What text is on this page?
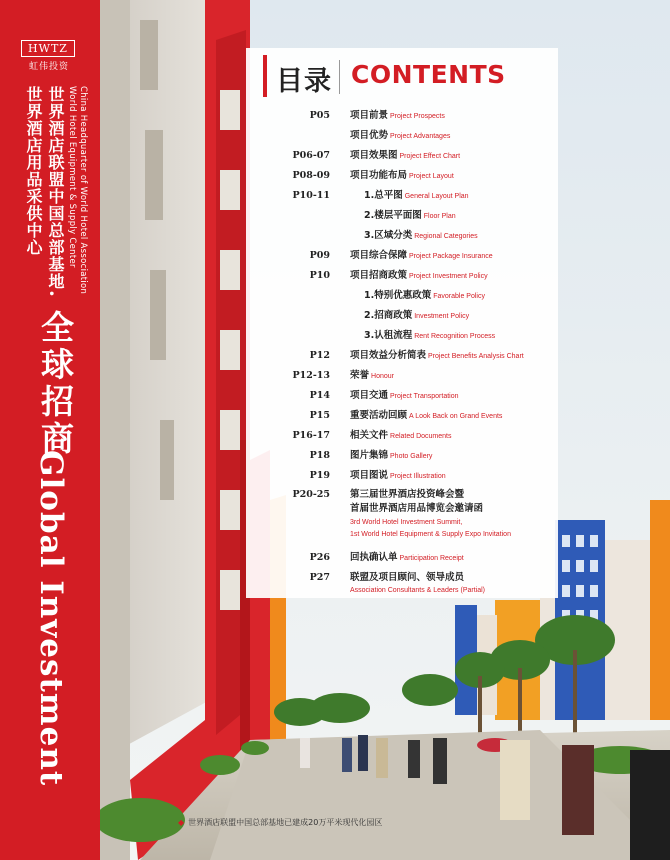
HWTZ
虹伟投资
China Headquarter of World Hotel Association
World Hotel Equipment & Supply Center
世界酒店联盟中国总部基地
世界酒店用品采供中心
·
全球招商
Global Investment
目录 CONTENTS
P05 项目前景 Project Prospects
项目优势 Project Advantages
P06-07 项目效果图 Project Effect Chart
P08-09 项目功能布局 Project Layout
P10-11	1.总平图 General Layout Plan
2.楼层平面图 Floor Plan
3.区域分类 Regional Categories
P09 项目综合保障 Project Package Insurance
P10 项目招商政策 Project Investment Policy
1.特别优惠政策 Favorable Policy
2.招商政策 Investment Policy
3.认租流程 Rent Recognition Process
P12 项目效益分析简表 Project Benefits Analysis Chart
P12-13 荣誉 Honour
P14 项目交通 Project Transportation
P15 重要活动回顾 A Look Back on Grand Events
P16-17 相关文件 Related Documents
P18 图片集锦 Photo Gallery
P19 项目图说 Project Illustration
P20-25 第三届世界酒店投资峰会暨
首届世界酒店用品博览会邀请函
3rd World Hotel Investment Summit,
1st World Hotel Equipment & Supply Expo Invitation
P26 回执确认单 Participation Receipt
P27 联盟及项目顾问、领导成员
Association Consultants & Leaders (Partial)
◆ 世界酒店联盟中国总部基地已建成20万平米现代化园区
